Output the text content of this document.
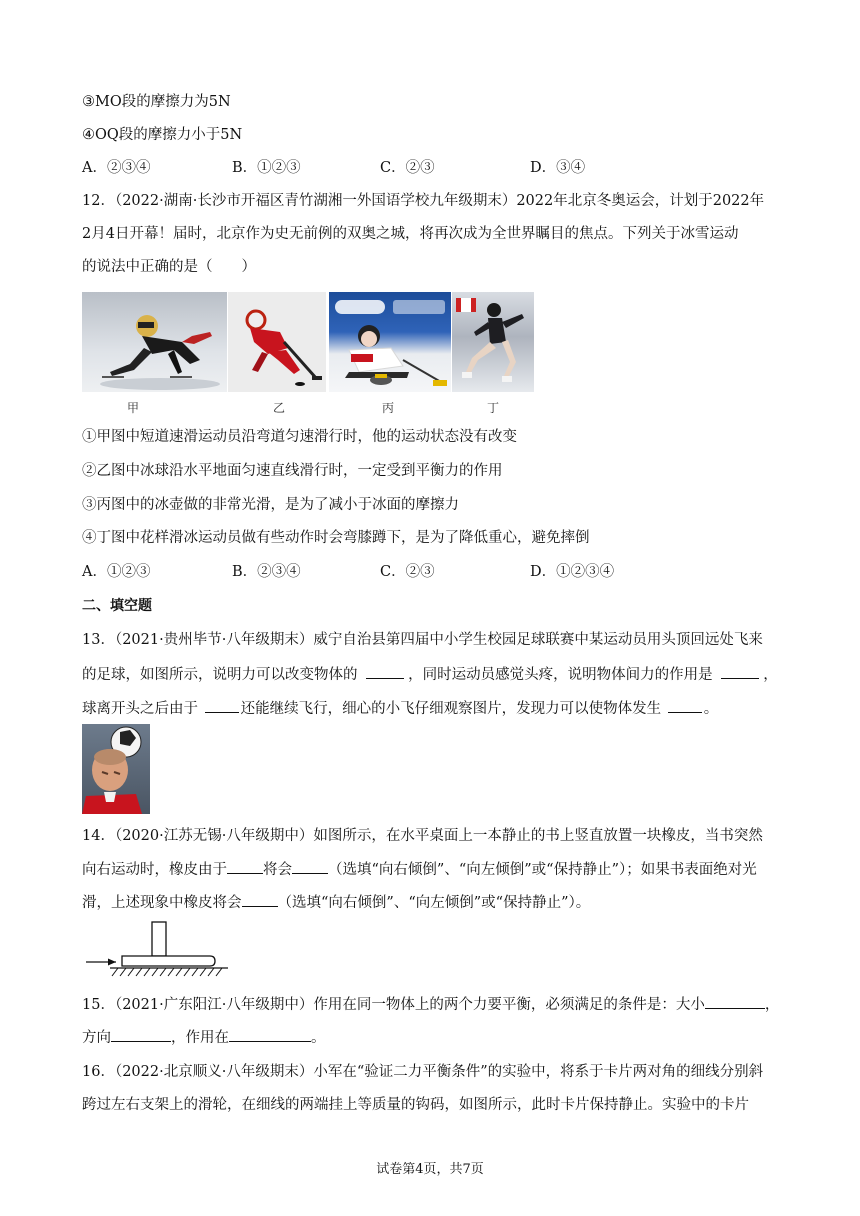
③MO段的摩擦力为5N
④OQ段的摩擦力小于5N
A．②③④	B．①②③	C．②③	D．③④
12．（2022·湖南·长沙市开福区青竹湖湘一外国语学校九年级期末）2022年北京冬奥运会，计划于2022年
2月4日开幕！届时，北京作为史无前例的双奥之城，将再次成为全世界瞩目的焦点。下列关于冰雪运动
的说法中正确的是（　　）
甲	乙	丙	丁
①甲图中短道速滑运动员沿弯道匀速滑行时，他的运动状态没有改变
②乙图中冰球沿水平地面匀速直线滑行时，一定受到平衡力的作用
③丙图中的冰壶做的非常光滑，是为了减小于冰面的摩擦力
④丁图中花样滑冰运动员做有些动作时会弯膝蹲下，是为了降低重心，避免摔倒
A．①②③	B．②③④	C．②③	D．①②③④
二、填空题
13．（2021·贵州毕节·八年级期末）威宁自治县第四届中小学生校园足球联赛中某运动员用头顶回远处飞来
的足球，如图所示，说明力可以改变物体的	，同时运动员感觉头疼，说明物体间力的作用是	，
球离开头之后由于	还能继续飞行，细心的小飞仔细观察图片，发现力可以使物体发生	。
14．（2020·江苏无锡·八年级期中）如图所示，在水平桌面上一本静止的书上竖直放置一块橡皮，当书突然
向右运动时，橡皮由于 将会 （选填“向右倾倒”、“向左倾倒”或“保持静止”）；如果书表面绝对光
滑，上述现象中橡皮将会 （选填“向右倾倒”、“向左倾倒”或“保持静止”）。
15．（2021·广东阳江·八年级期中）作用在同一物体上的两个力要平衡，必须满足的条件是：大小	，
方向	，作用在	。
16．（2022·北京顺义·八年级期末）小军在“验证二力平衡条件”的实验中，将系于卡片两对角的细线分别斜
跨过左右支架上的滑轮，在细线的两端挂上等质量的钩码，如图所示，此时卡片保持静止。实验中的卡片
试卷第4页，共7页
